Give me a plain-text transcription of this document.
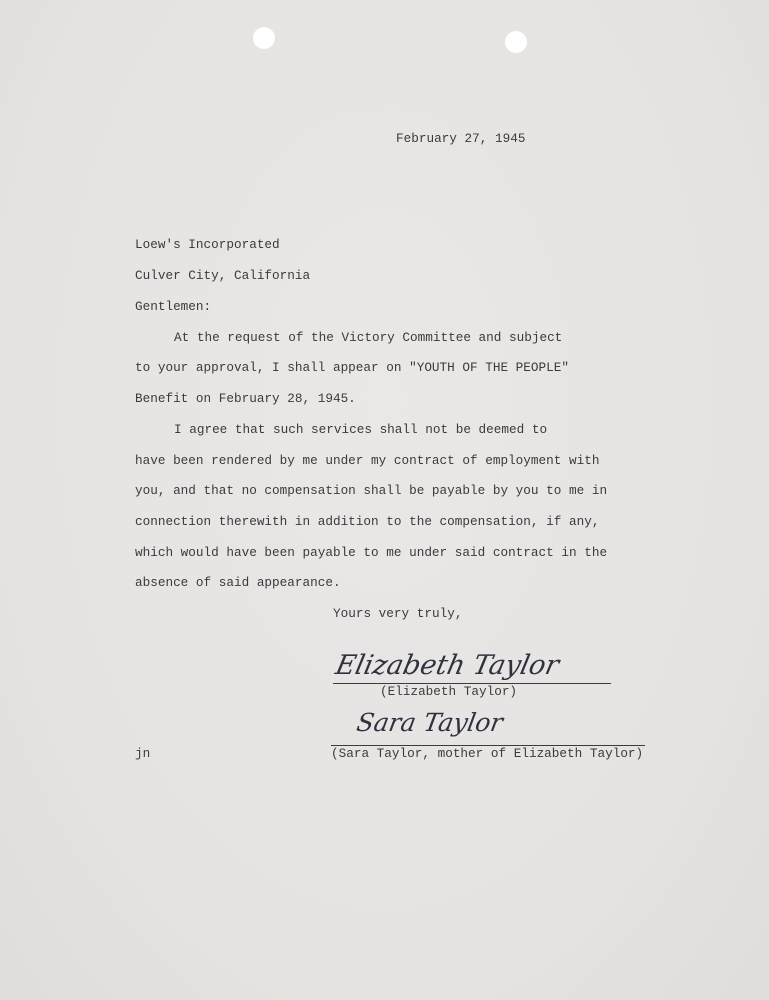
February 27, 1945
Loew's Incorporated
Culver City, California
Gentlemen:
At the request of the Victory Committee and subject
to your approval, I shall appear on "YOUTH OF THE PEOPLE"
Benefit on February 28, 1945.
I agree that such services shall not be deemed to
have been rendered by me under my contract of employment with
you, and that no compensation shall be payable by you to me in
connection therewith in addition to the compensation, if any,
which would have been payable to me under said contract in the
absence of said appearance.
Yours very truly,
Elizabeth Taylor
(Elizabeth Taylor)
Sara Taylor
(Sara Taylor, mother of Elizabeth Taylor)
jn
